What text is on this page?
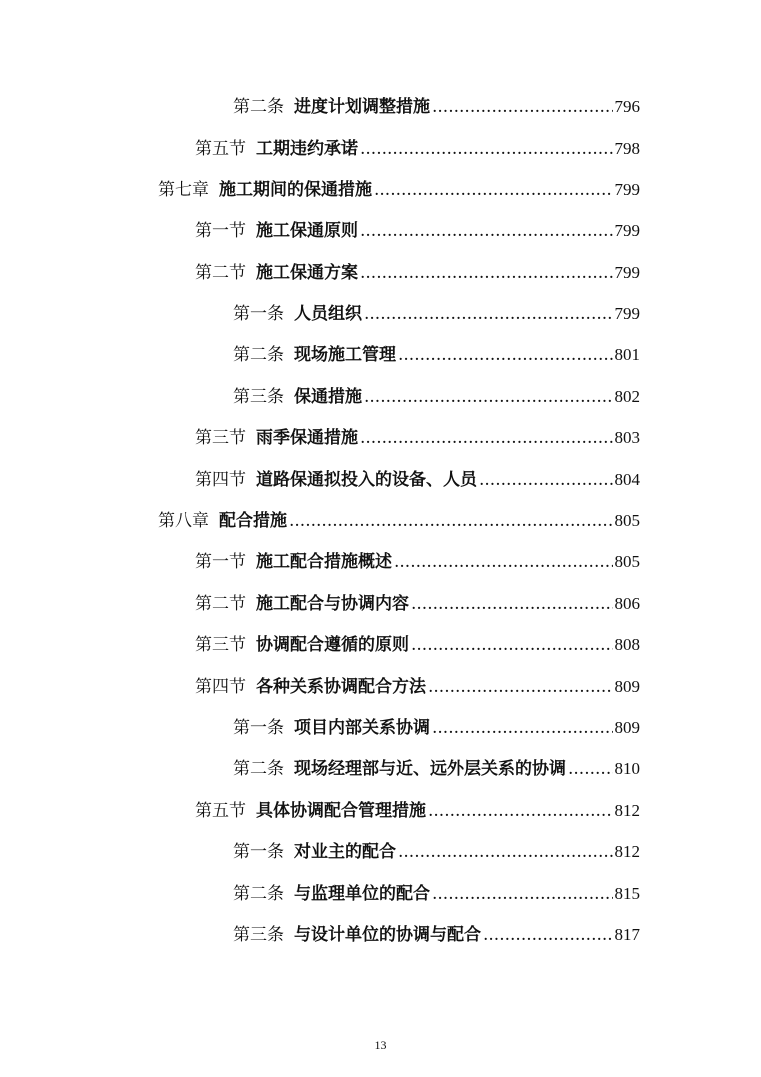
第二条 进度计划调整措施 .....	796
第五节 工期违约承诺 .....	798
第七章 施工期间的保通措施 .....	799
第一节 施工保通原则 .....	799
第二节 施工保通方案 .....	799
第一条 人员组织 .....	799
第二条 现场施工管理 .....	801
第三条 保通措施 .....	802
第三节 雨季保通措施 .....	803
第四节 道路保通拟投入的设备、人员 .....	804
第八章 配合措施 .....	805
第一节 施工配合措施概述 .....	805
第二节 施工配合与协调内容 .....	806
第三节 协调配合遵循的原则 .....	808
第四节 各种关系协调配合方法 .....	809
第一条 项目内部关系协调 .....	809
第二条 现场经理部与近、远外层关系的协调 .....	810
第五节 具体协调配合管理措施 .....	812
第一条 对业主的配合 .....	812
第二条 与监理单位的配合 .....	815
第三条 与设计单位的协调与配合 .....	817
13
